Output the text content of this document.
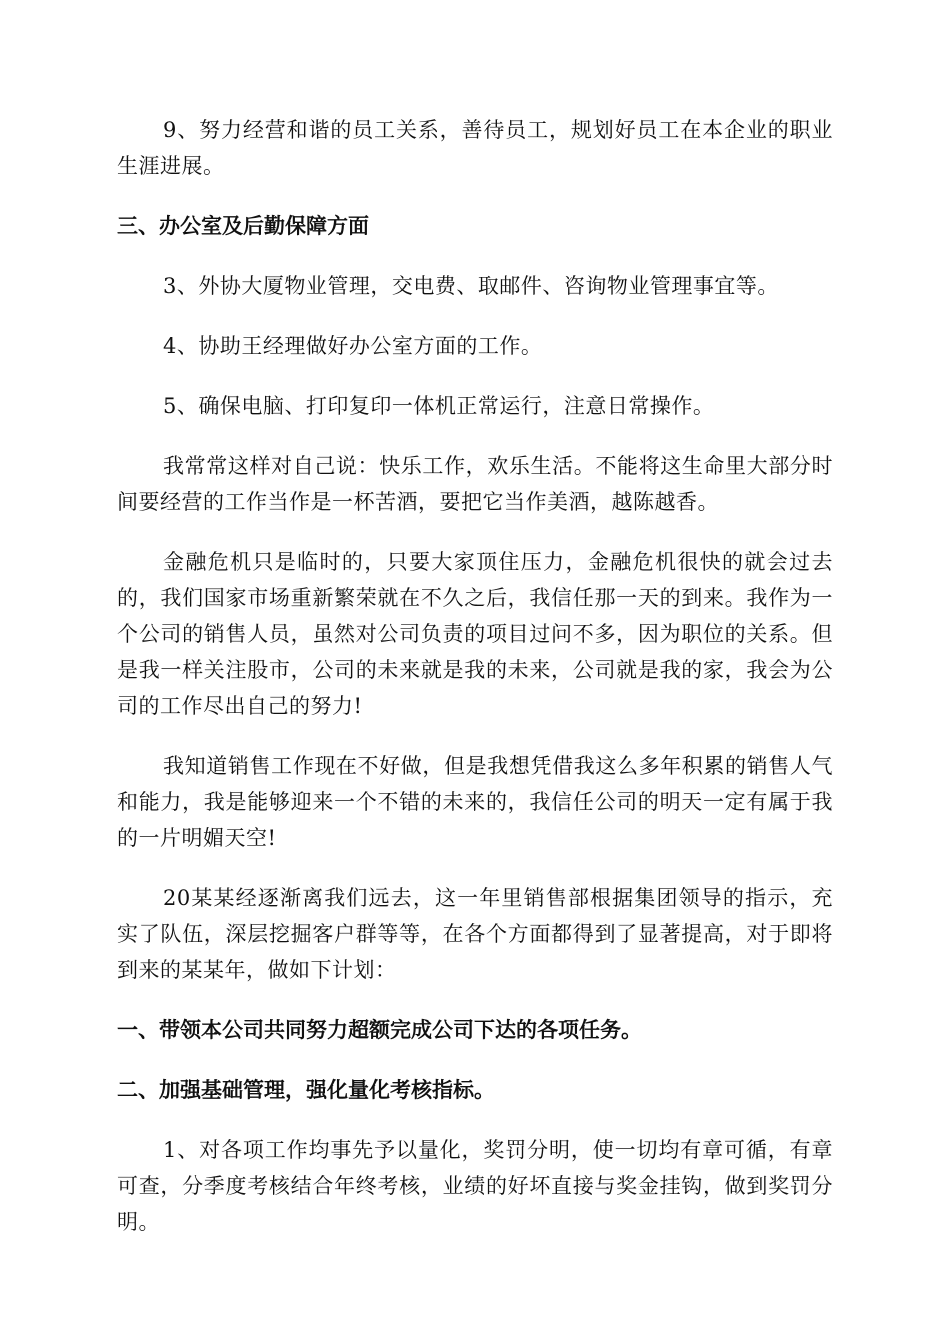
9、努力经营和谐的员工关系，善待员工，规划好员工在本企业的职业生涯进展。

三、办公室及后勤保障方面

3、外协大厦物业管理，交电费、取邮件、咨询物业管理事宜等。

4、协助王经理做好办公室方面的工作。

5、确保电脑、打印复印一体机正常运行，注意日常操作。

我常常这样对自己说：快乐工作，欢乐生活。不能将这生命里大部分时间要经营的工作当作是一杯苦酒，要把它当作美酒，越陈越香。

金融危机只是临时的，只要大家顶住压力，金融危机很快的就会过去的，我们国家市场重新繁荣就在不久之后，我信任那一天的到来。我作为一个公司的销售人员，虽然对公司负责的项目过问不多，因为职位的关系。但是我一样关注股市，公司的未来就是我的未来，公司就是我的家，我会为公司的工作尽出自己的努力!

我知道销售工作现在不好做，但是我想凭借我这么多年积累的销售人气和能力，我是能够迎来一个不错的未来的，我信任公司的明天一定有属于我的一片明媚天空!

20某某经逐渐离我们远去，这一年里销售部根据集团领导的指示，充实了队伍，深层挖掘客户群等等，在各个方面都得到了显著提高，对于即将到来的某某年，做如下计划：

一、带领本公司共同努力超额完成公司下达的各项任务。

二、加强基础管理，强化量化考核指标。

1、对各项工作均事先予以量化，奖罚分明，使一切均有章可循，有章可查，分季度考核结合年终考核，业绩的好坏直接与奖金挂钩，做到奖罚分明。
